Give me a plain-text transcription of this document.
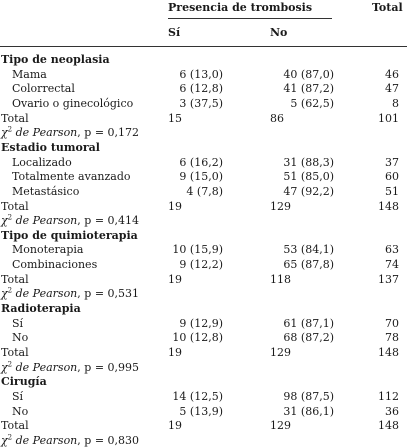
Presencia de trombosis	Total
Sí	No
Tipo de neoplasia
Mama	6 (13,0)	40 (87,0)	46
Colorrectal	6 (12,8)	41 (87,2)	47
Ovario o ginecológico	3 (37,5)	5 (62,5)	8
Total	15	86	101
$\chi^2$ de Pearson, p = 0,172
Estadio tumoral
Localizado	6 (16,2)	31 (88,3)	37
Totalmente avanzado	9 (15,0)	51 (85,0)	60
Metastásico	4 (7,8)	47 (92,2)	51
Total	19	129	148
$\chi^2$ de Pearson, p = 0,414
Tipo de quimioterapia
Monoterapia	10 (15,9)	53 (84,1)	63
Combinaciones	9 (12,2)	65 (87,8)	74
Total	19	118	137
$\chi^2$ de Pearson, p = 0,531
Radioterapia
Sí	9 (12,9)	61 (87,1)	70
No	10 (12,8)	68 (87,2)	78
Total	19	129	148
$\chi^2$ de Pearson, p = 0,995
Cirugía
Sí	14 (12,5)	98 (87,5)	112
No	5 (13,9)	31 (86,1)	36
Total	19	129	148
$\chi^2$ de Pearson, p = 0,830
